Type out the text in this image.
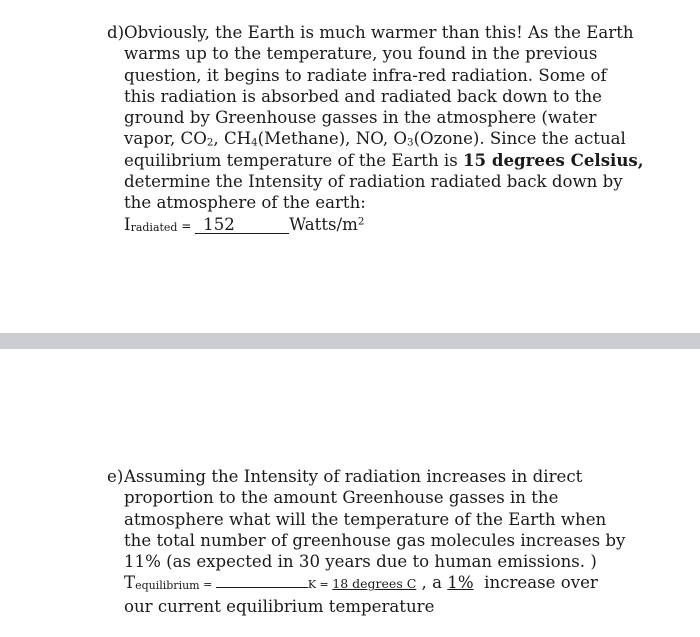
d) Obviously, the Earth is much warmer than this! As the Earth
warms up to the temperature, you found in the previous
question, it begins to radiate infra-red radiation. Some of
this radiation is absorbed and radiated back down to the
ground by Greenhouse gasses in the atmosphere (water
vapor, $CO_2$, $CH_4(Methane)$, NO, $O_3(Ozone)$. Since the actual
equilibrium temperature of the Earth is 15 degrees Celsius,
determine the Intensity of radiation radiated back down by
the atmosphere of the earth:
$I_{radiated} = 152$	Watts/$m^2$
e) Assuming the Intensity of radiation increases in direct
proportion to the amount Greenhouse gasses in the
atmosphere what will the temperature of the Earth when
the total number of greenhouse gas molecules increases by
11% (as expected in 30 years due to human emissions. )
$T_{equilibrium}$ =	K = 18 degrees C , a 1%  increase over
our current equilibrium temperature
